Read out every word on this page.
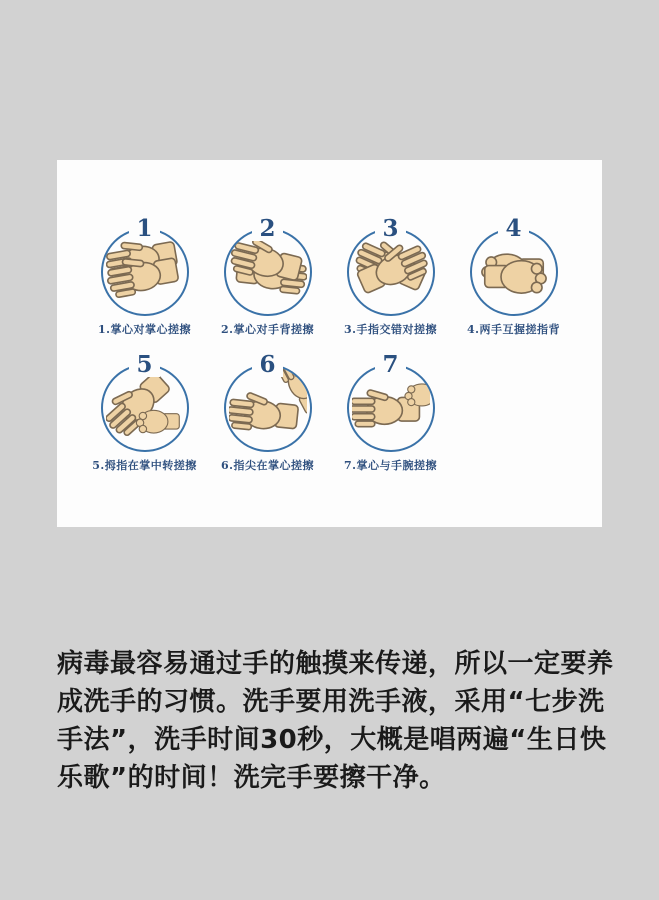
1
1.掌心对掌心搓擦
2
2.掌心对手背搓擦
3
3.手指交错对搓擦
4
4.两手互握搓指背
5
5.拇指在掌中转搓擦
6
6.指尖在掌心搓擦
7
7.掌心与手腕搓擦
病毒最容易通过手的触摸来传递，所以一定要养
成洗手的习惯。洗手要用洗手液，采用“七步洗
手法”，洗手时间30秒，大概是唱两遍“生日快
乐歌”的时间！洗完手要擦干净。
